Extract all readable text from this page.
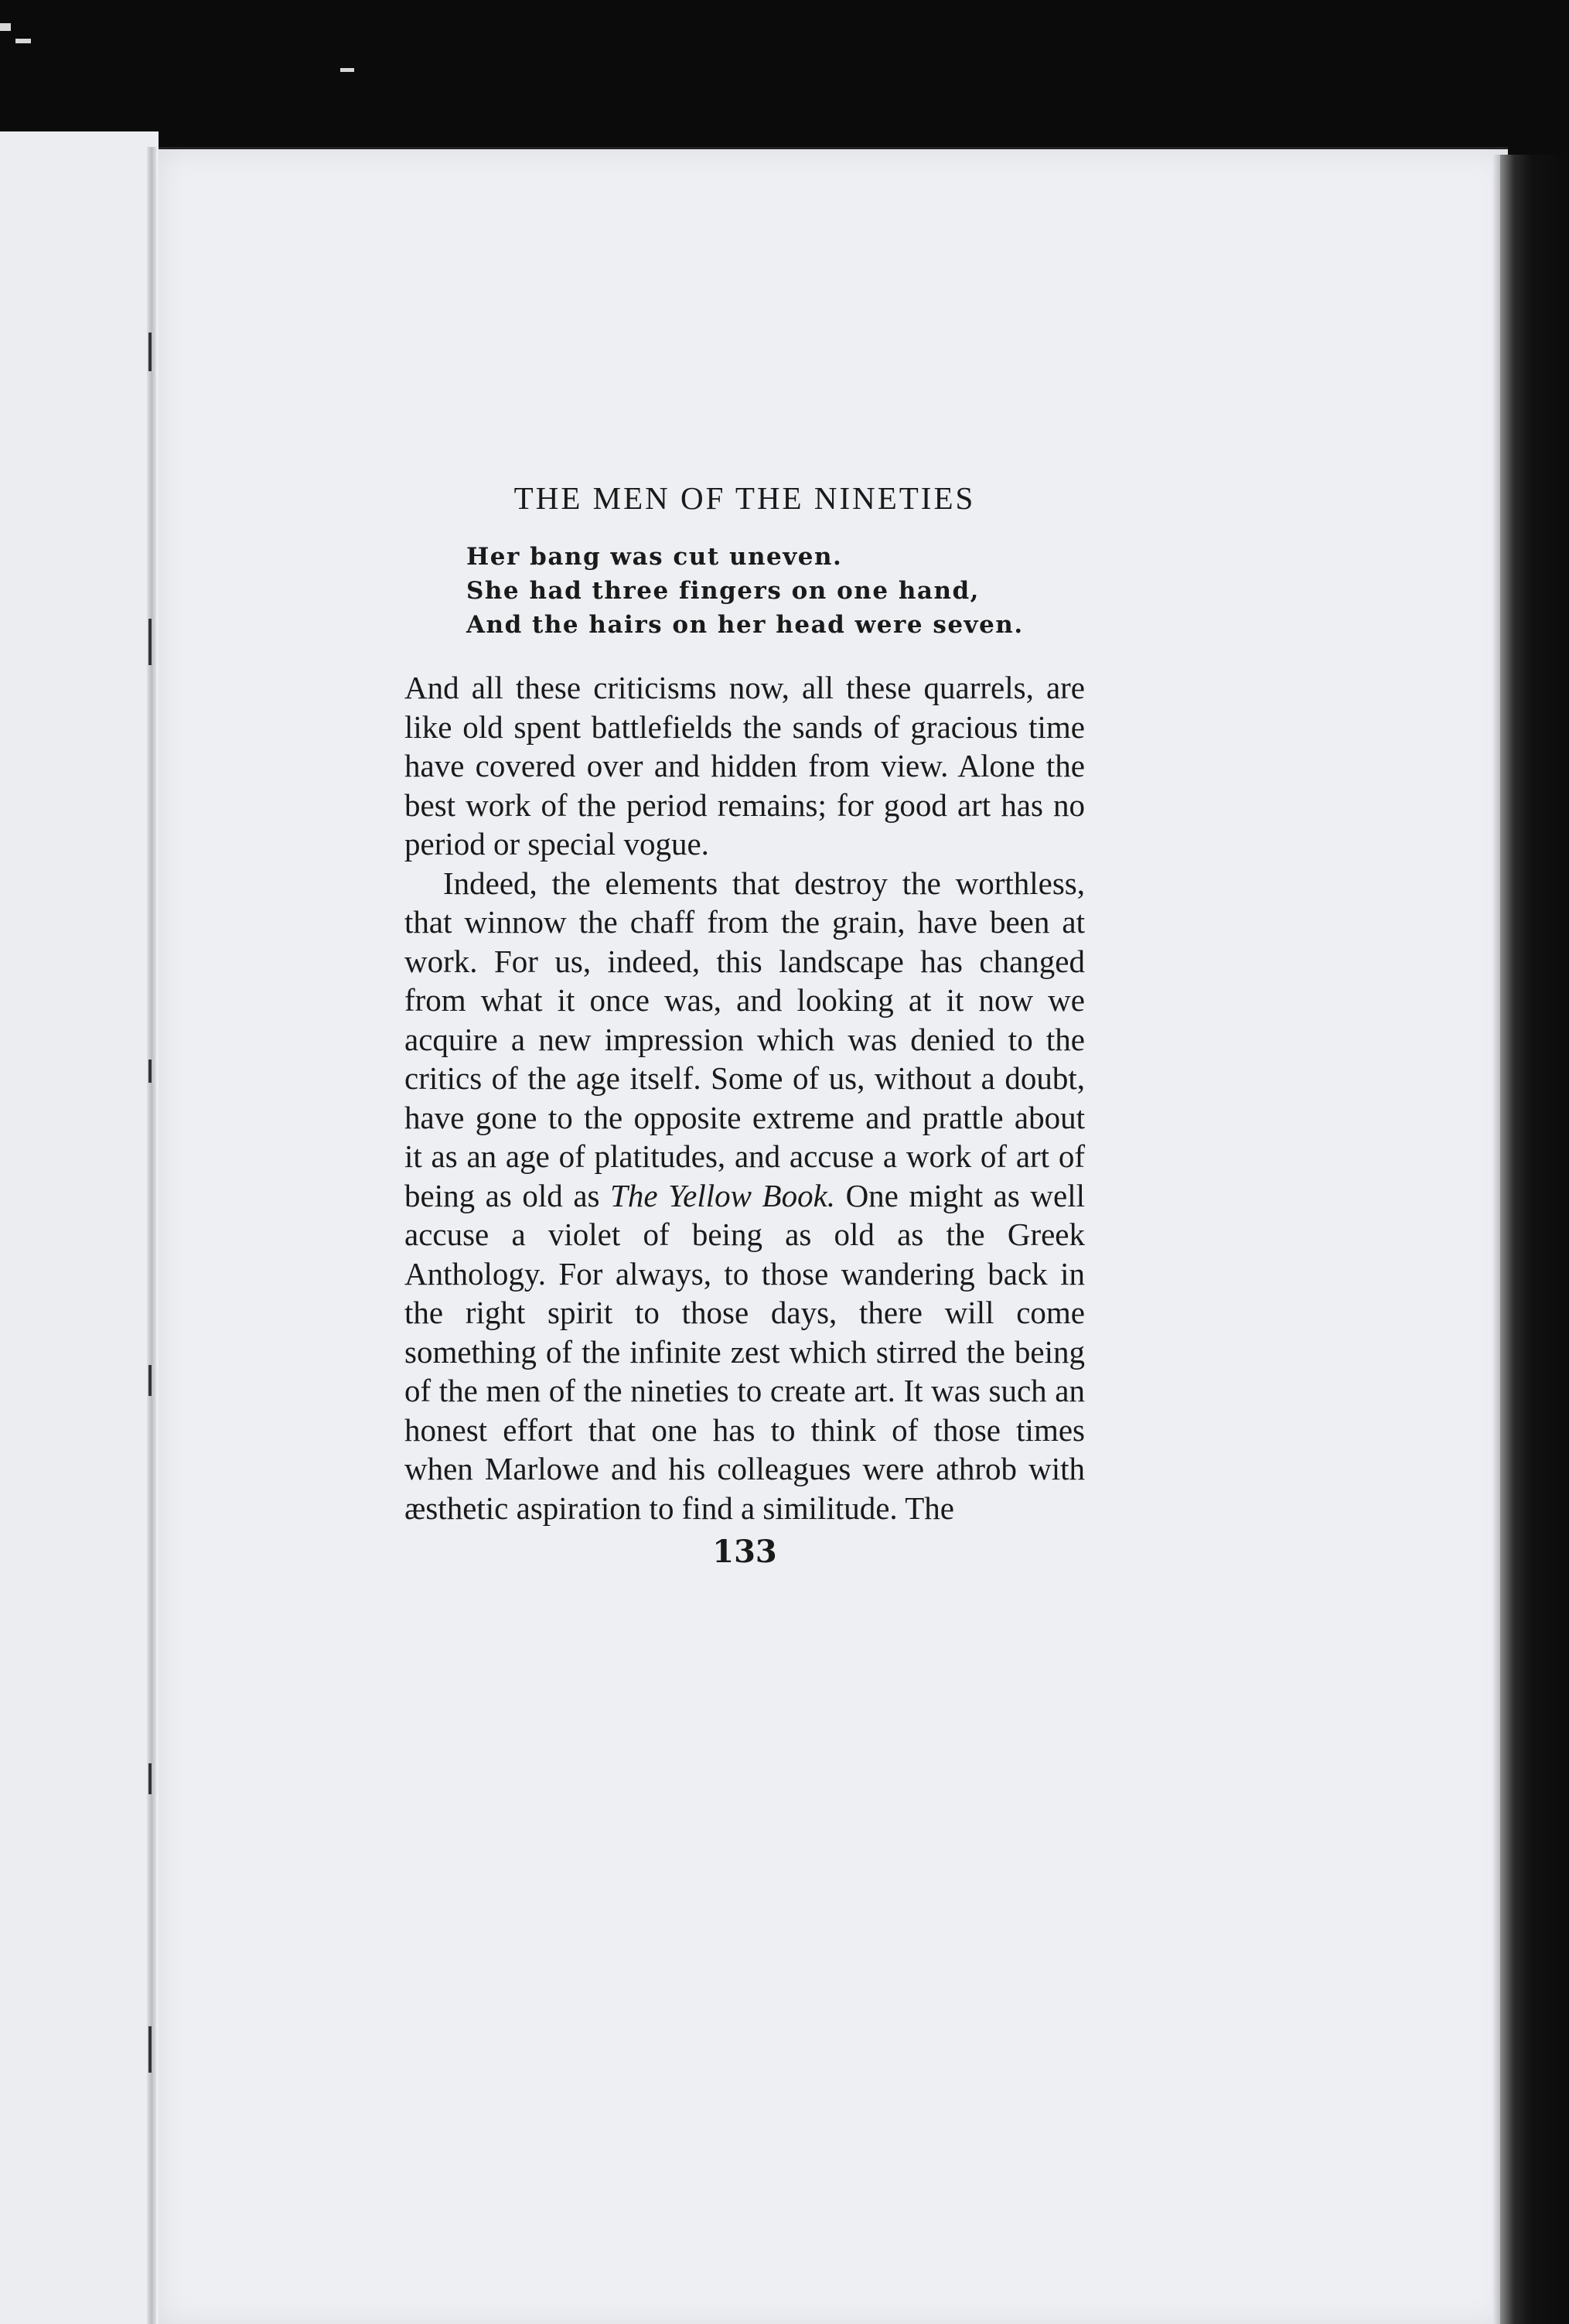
THE MEN OF THE NINETIES
Her bang was cut uneven.
She had three fingers on one hand,
And the hairs on her head were seven.

And all these criticisms now, all these quarrels, are like old spent battlefields the sands of gracious time have covered over and hidden from view. Alone the best work of the period remains; for good art has no period or special vogue.

Indeed, the elements that destroy the worthless, that winnow the chaff from the grain, have been at work. For us, indeed, this landscape has changed from what it once was, and looking at it now we acquire a new impression which was denied to the critics of the age itself. Some of us, without a doubt, have gone to the opposite extreme and prattle about it as an age of platitudes, and accuse a work of art of being as old as The Yellow Book. One might as well accuse a violet of being as old as the Greek Anthology. For always, to those wandering back in the right spirit to those days, there will come something of the infinite zest which stirred the being of the men of the nineties to create art. It was such an honest effort that one has to think of those times when Marlowe and his colleagues were athrob with æsthetic aspiration to find a similitude. The

133
